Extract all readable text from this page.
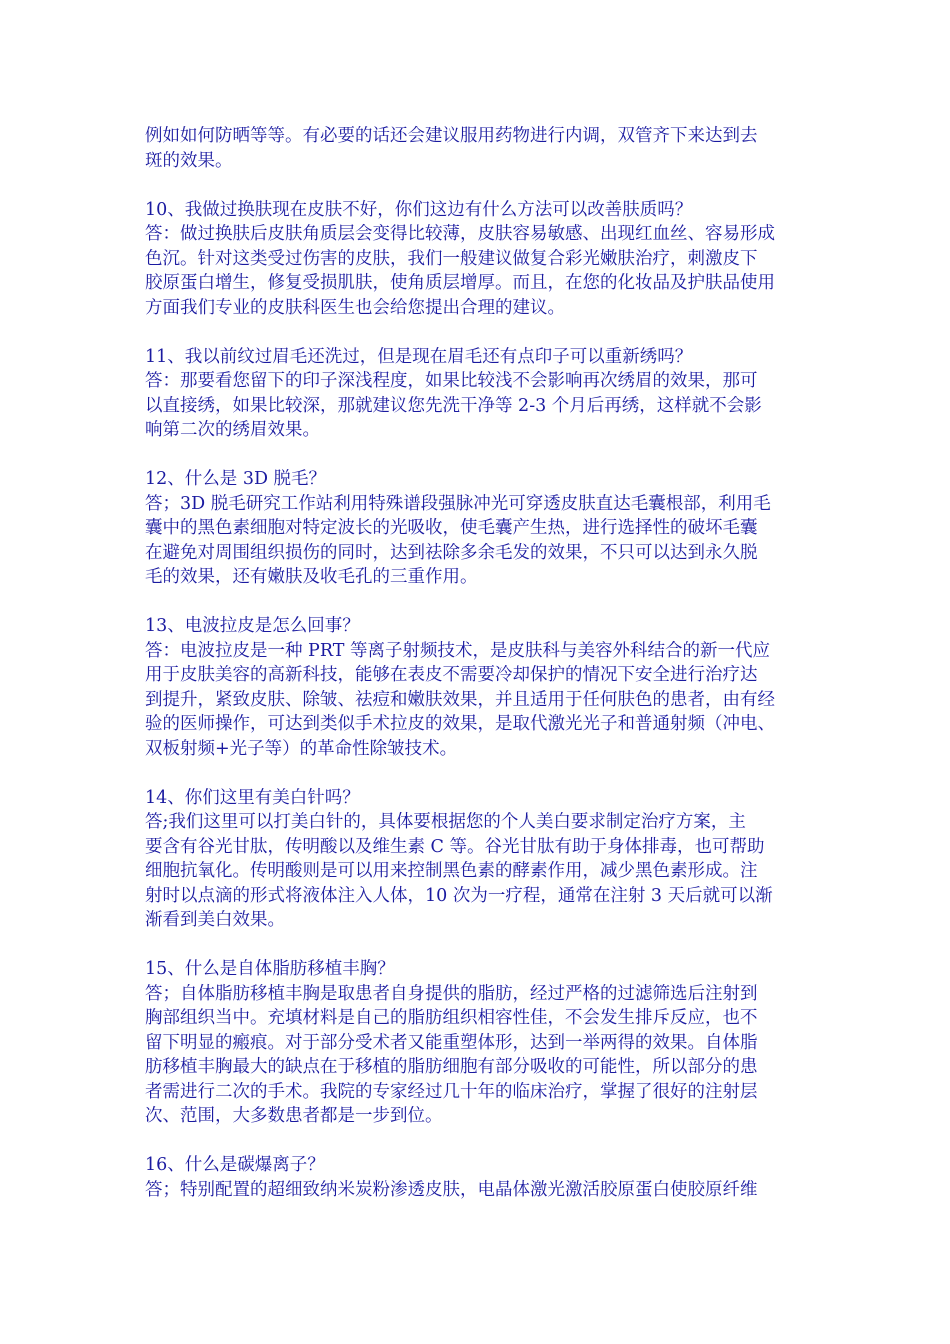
例如如何防晒等等。有必要的话还会建议服用药物进行内调，双管齐下来达到去
斑的效果。

10、我做过换肤现在皮肤不好，你们这边有什么方法可以改善肤质吗？

答：做过换肤后皮肤角质层会变得比较薄，皮肤容易敏感、出现红血丝、容易形成
色沉。针对这类受过伤害的皮肤，我们一般建议做复合彩光嫩肤治疗，刺激皮下
胶原蛋白增生，修复受损肌肤，使角质层增厚。而且，在您的化妆品及护肤品使用
方面我们专业的皮肤科医生也会给您提出合理的建议。

11、我以前纹过眉毛还洗过，但是现在眉毛还有点印子可以重新绣吗？

答：那要看您留下的印子深浅程度，如果比较浅不会影响再次绣眉的效果，那可
以直接绣，如果比较深，那就建议您先洗干净等 2-3 个月后再绣，这样就不会影
响第二次的绣眉效果。

12、什么是 3D 脱毛？

答；3D 脱毛研究工作站利用特殊谱段强脉冲光可穿透皮肤直达毛囊根部，利用毛
囊中的黑色素细胞对特定波长的光吸收，使毛囊产生热，进行选择性的破坏毛囊
在避免对周围组织损伤的同时，达到祛除多余毛发的效果，不只可以达到永久脱
毛的效果，还有嫩肤及收毛孔的三重作用。

13、电波拉皮是怎么回事？

答：电波拉皮是一种 PRT 等离子射频技术，是皮肤科与美容外科结合的新一代应
用于皮肤美容的高新科技，能够在表皮不需要冷却保护的情况下安全进行治疗达
到提升，紧致皮肤、除皱、祛痘和嫩肤效果，并且适用于任何肤色的患者，由有经
验的医师操作，可达到类似手术拉皮的效果，是取代激光光子和普通射频（冲电、
双板射频+光子等）的革命性除皱技术。

14、你们这里有美白针吗？

答;我们这里可以打美白针的，具体要根据您的个人美白要求制定治疗方案，主
要含有谷光甘肽，传明酸以及维生素 C 等。谷光甘肽有助于身体排毒，也可帮助
细胞抗氧化。传明酸则是可以用来控制黑色素的酵素作用，减少黑色素形成。注
射时以点滴的形式将液体注入人体，10 次为一疗程，通常在注射 3 天后就可以渐
渐看到美白效果。

15、什么是自体脂肪移植丰胸？

答；自体脂肪移植丰胸是取患者自身提供的脂肪，经过严格的过滤筛选后注射到
胸部组织当中。充填材料是自己的脂肪组织相容性佳，不会发生排斥反应，也不
留下明显的瘢痕。对于部分受术者又能重塑体形，达到一举两得的效果。自体脂
肪移植丰胸最大的缺点在于移植的脂肪细胞有部分吸收的可能性，所以部分的患
者需进行二次的手术。我院的专家经过几十年的临床治疗，掌握了很好的注射层
次、范围，大多数患者都是一步到位。

16、什么是碳爆离子？

答；特别配置的超细致纳米炭粉渗透皮肤，电晶体激光激活胶原蛋白使胶原纤维
